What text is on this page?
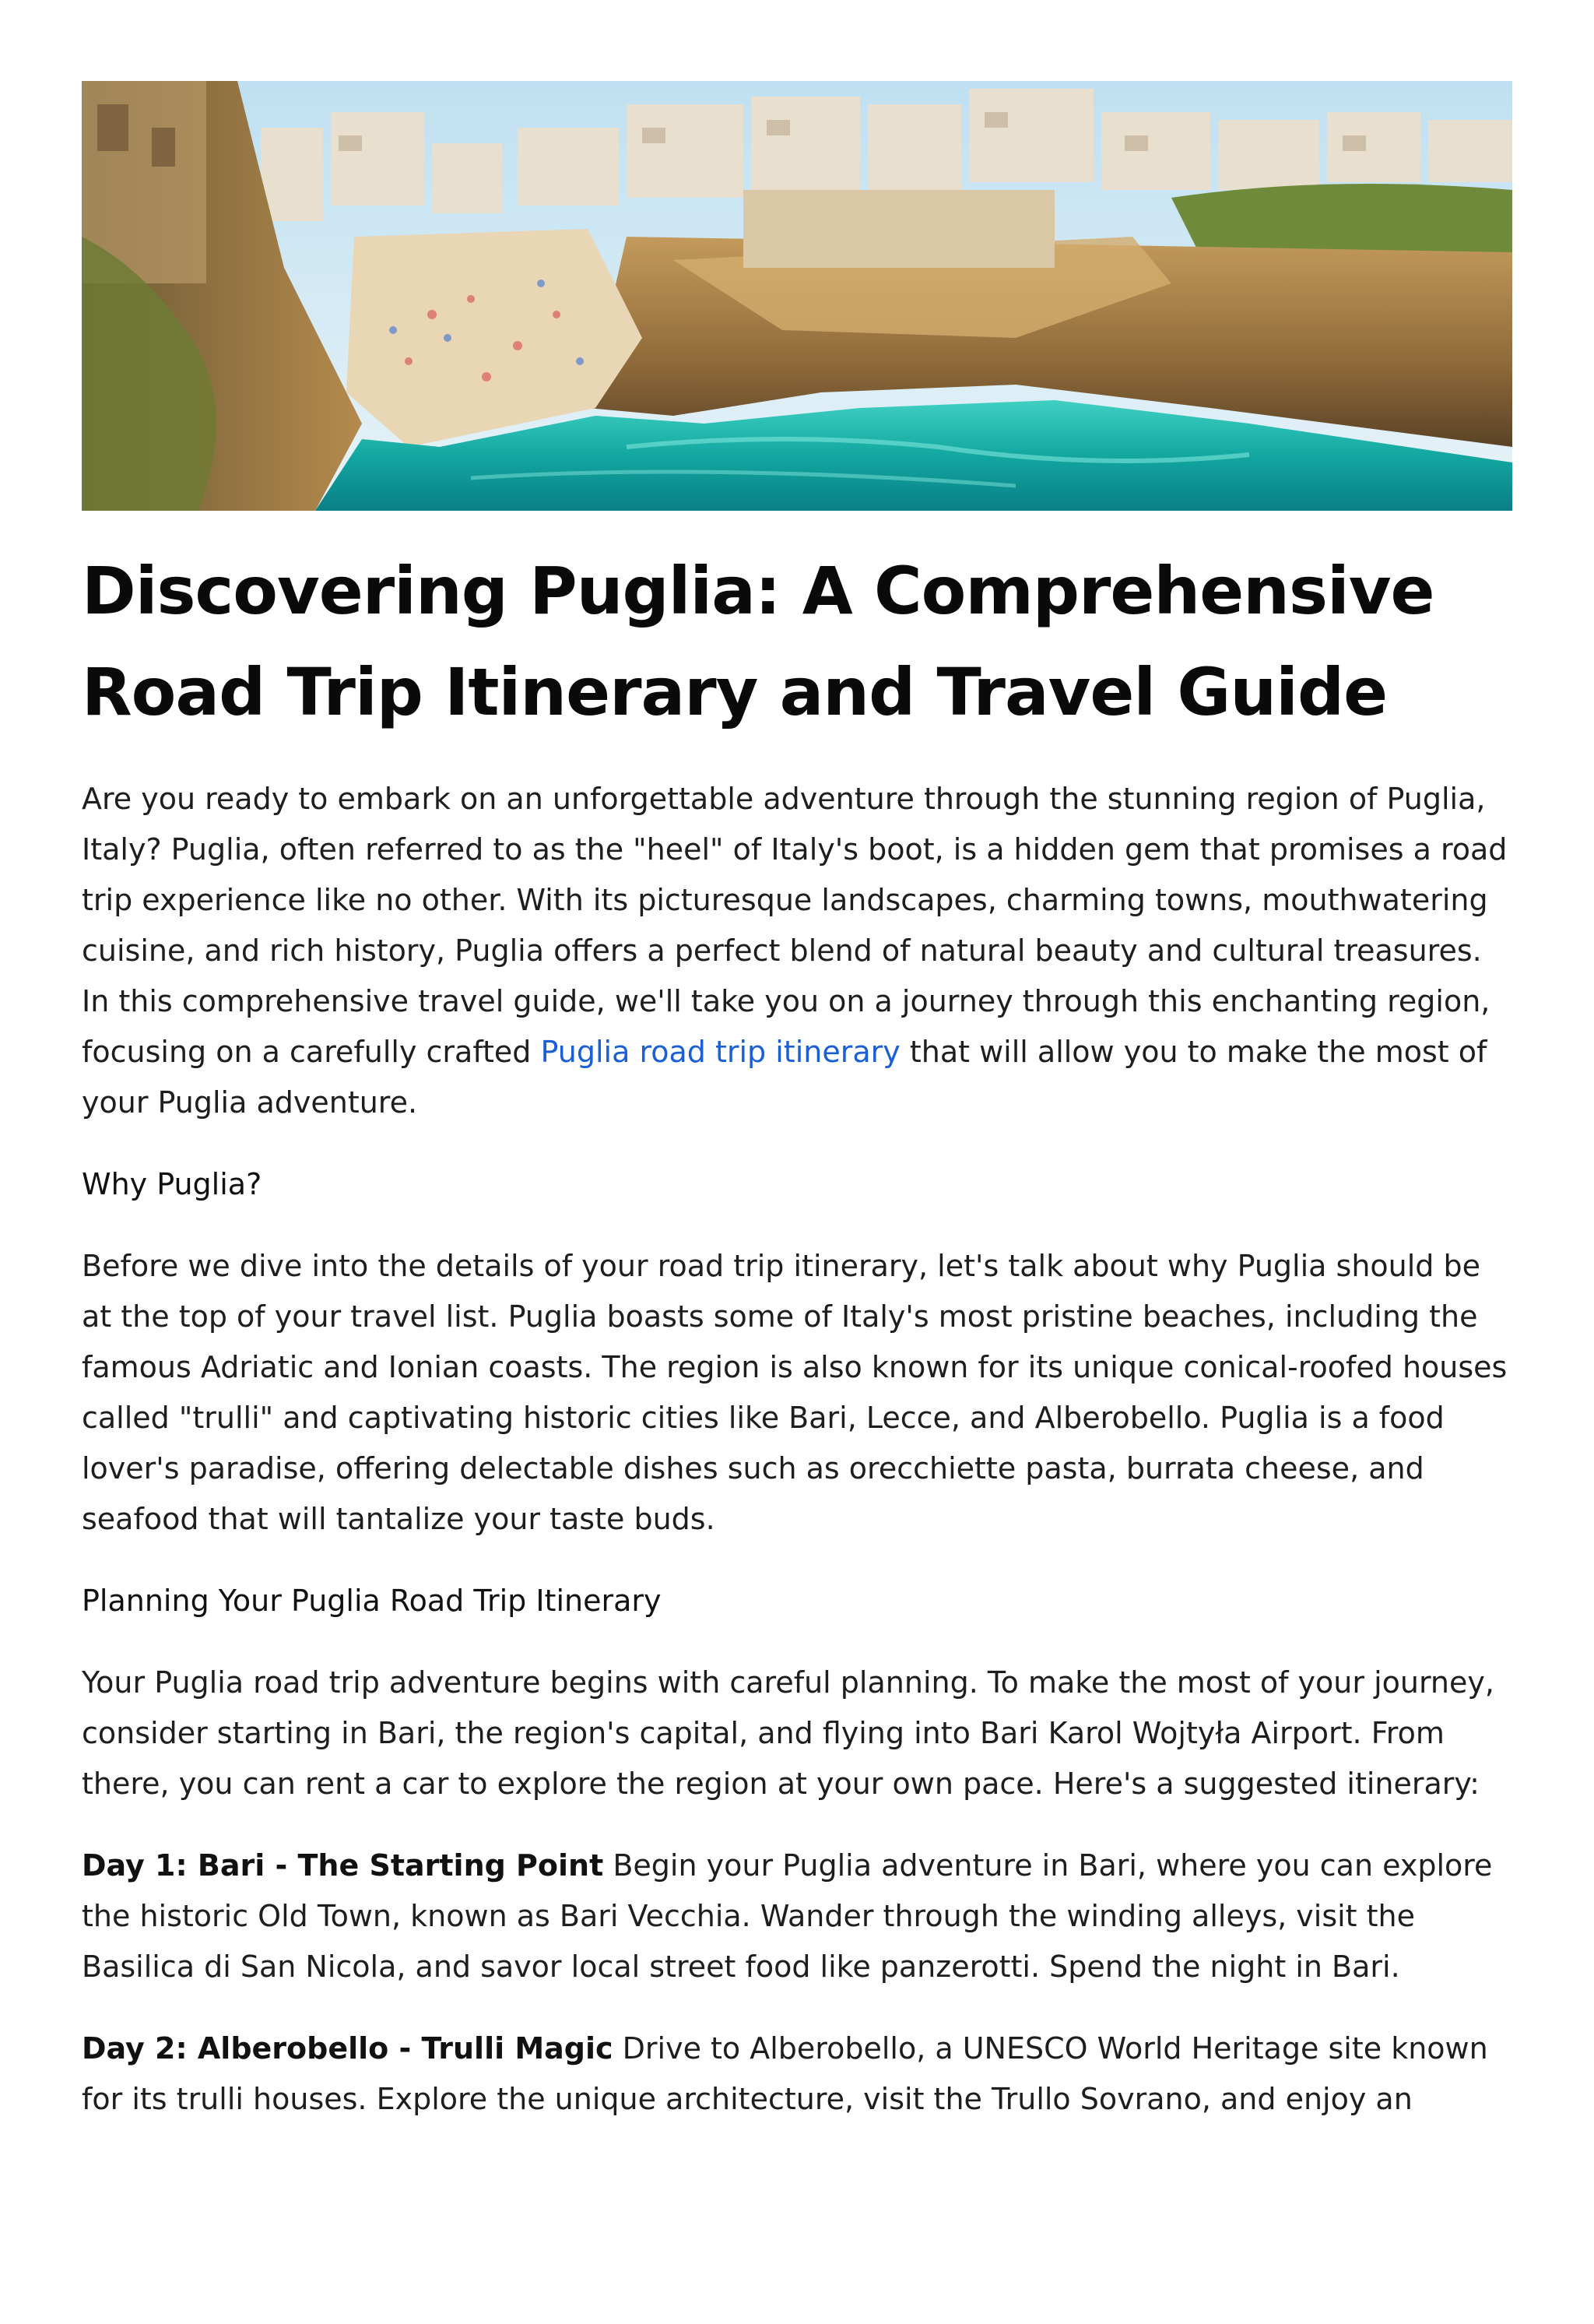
Discovering Puglia: A Comprehensive Road Trip Itinerary and Travel Guide

Are you ready to embark on an unforgettable adventure through the stunning region of Puglia, Italy? Puglia, often referred to as the "heel" of Italy's boot, is a hidden gem that promises a road trip experience like no other. With its picturesque landscapes, charming towns, mouthwatering cuisine, and rich history, Puglia offers a perfect blend of natural beauty and cultural treasures. In this comprehensive travel guide, we'll take you on a journey through this enchanting region, focusing on a carefully crafted Puglia road trip itinerary that will allow you to make the most of your Puglia adventure.

Why Puglia?

Before we dive into the details of your road trip itinerary, let's talk about why Puglia should be at the top of your travel list. Puglia boasts some of Italy's most pristine beaches, including the famous Adriatic and Ionian coasts. The region is also known for its unique conical-roofed houses called "trulli" and captivating historic cities like Bari, Lecce, and Alberobello. Puglia is a food lover's paradise, offering delectable dishes such as orecchiette pasta, burrata cheese, and seafood that will tantalize your taste buds.

Planning Your Puglia Road Trip Itinerary

Your Puglia road trip adventure begins with careful planning. To make the most of your journey, consider starting in Bari, the region's capital, and flying into Bari Karol Wojtyła Airport. From there, you can rent a car to explore the region at your own pace. Here's a suggested itinerary:

Day 1: Bari - The Starting Point Begin your Puglia adventure in Bari, where you can explore the historic Old Town, known as Bari Vecchia. Wander through the winding alleys, visit the Basilica di San Nicola, and savor local street food like panzerotti. Spend the night in Bari.

Day 2: Alberobello - Trulli Magic Drive to Alberobello, a UNESCO World Heritage site known for its trulli houses. Explore the unique architecture, visit the Trullo Sovrano, and enjoy an
